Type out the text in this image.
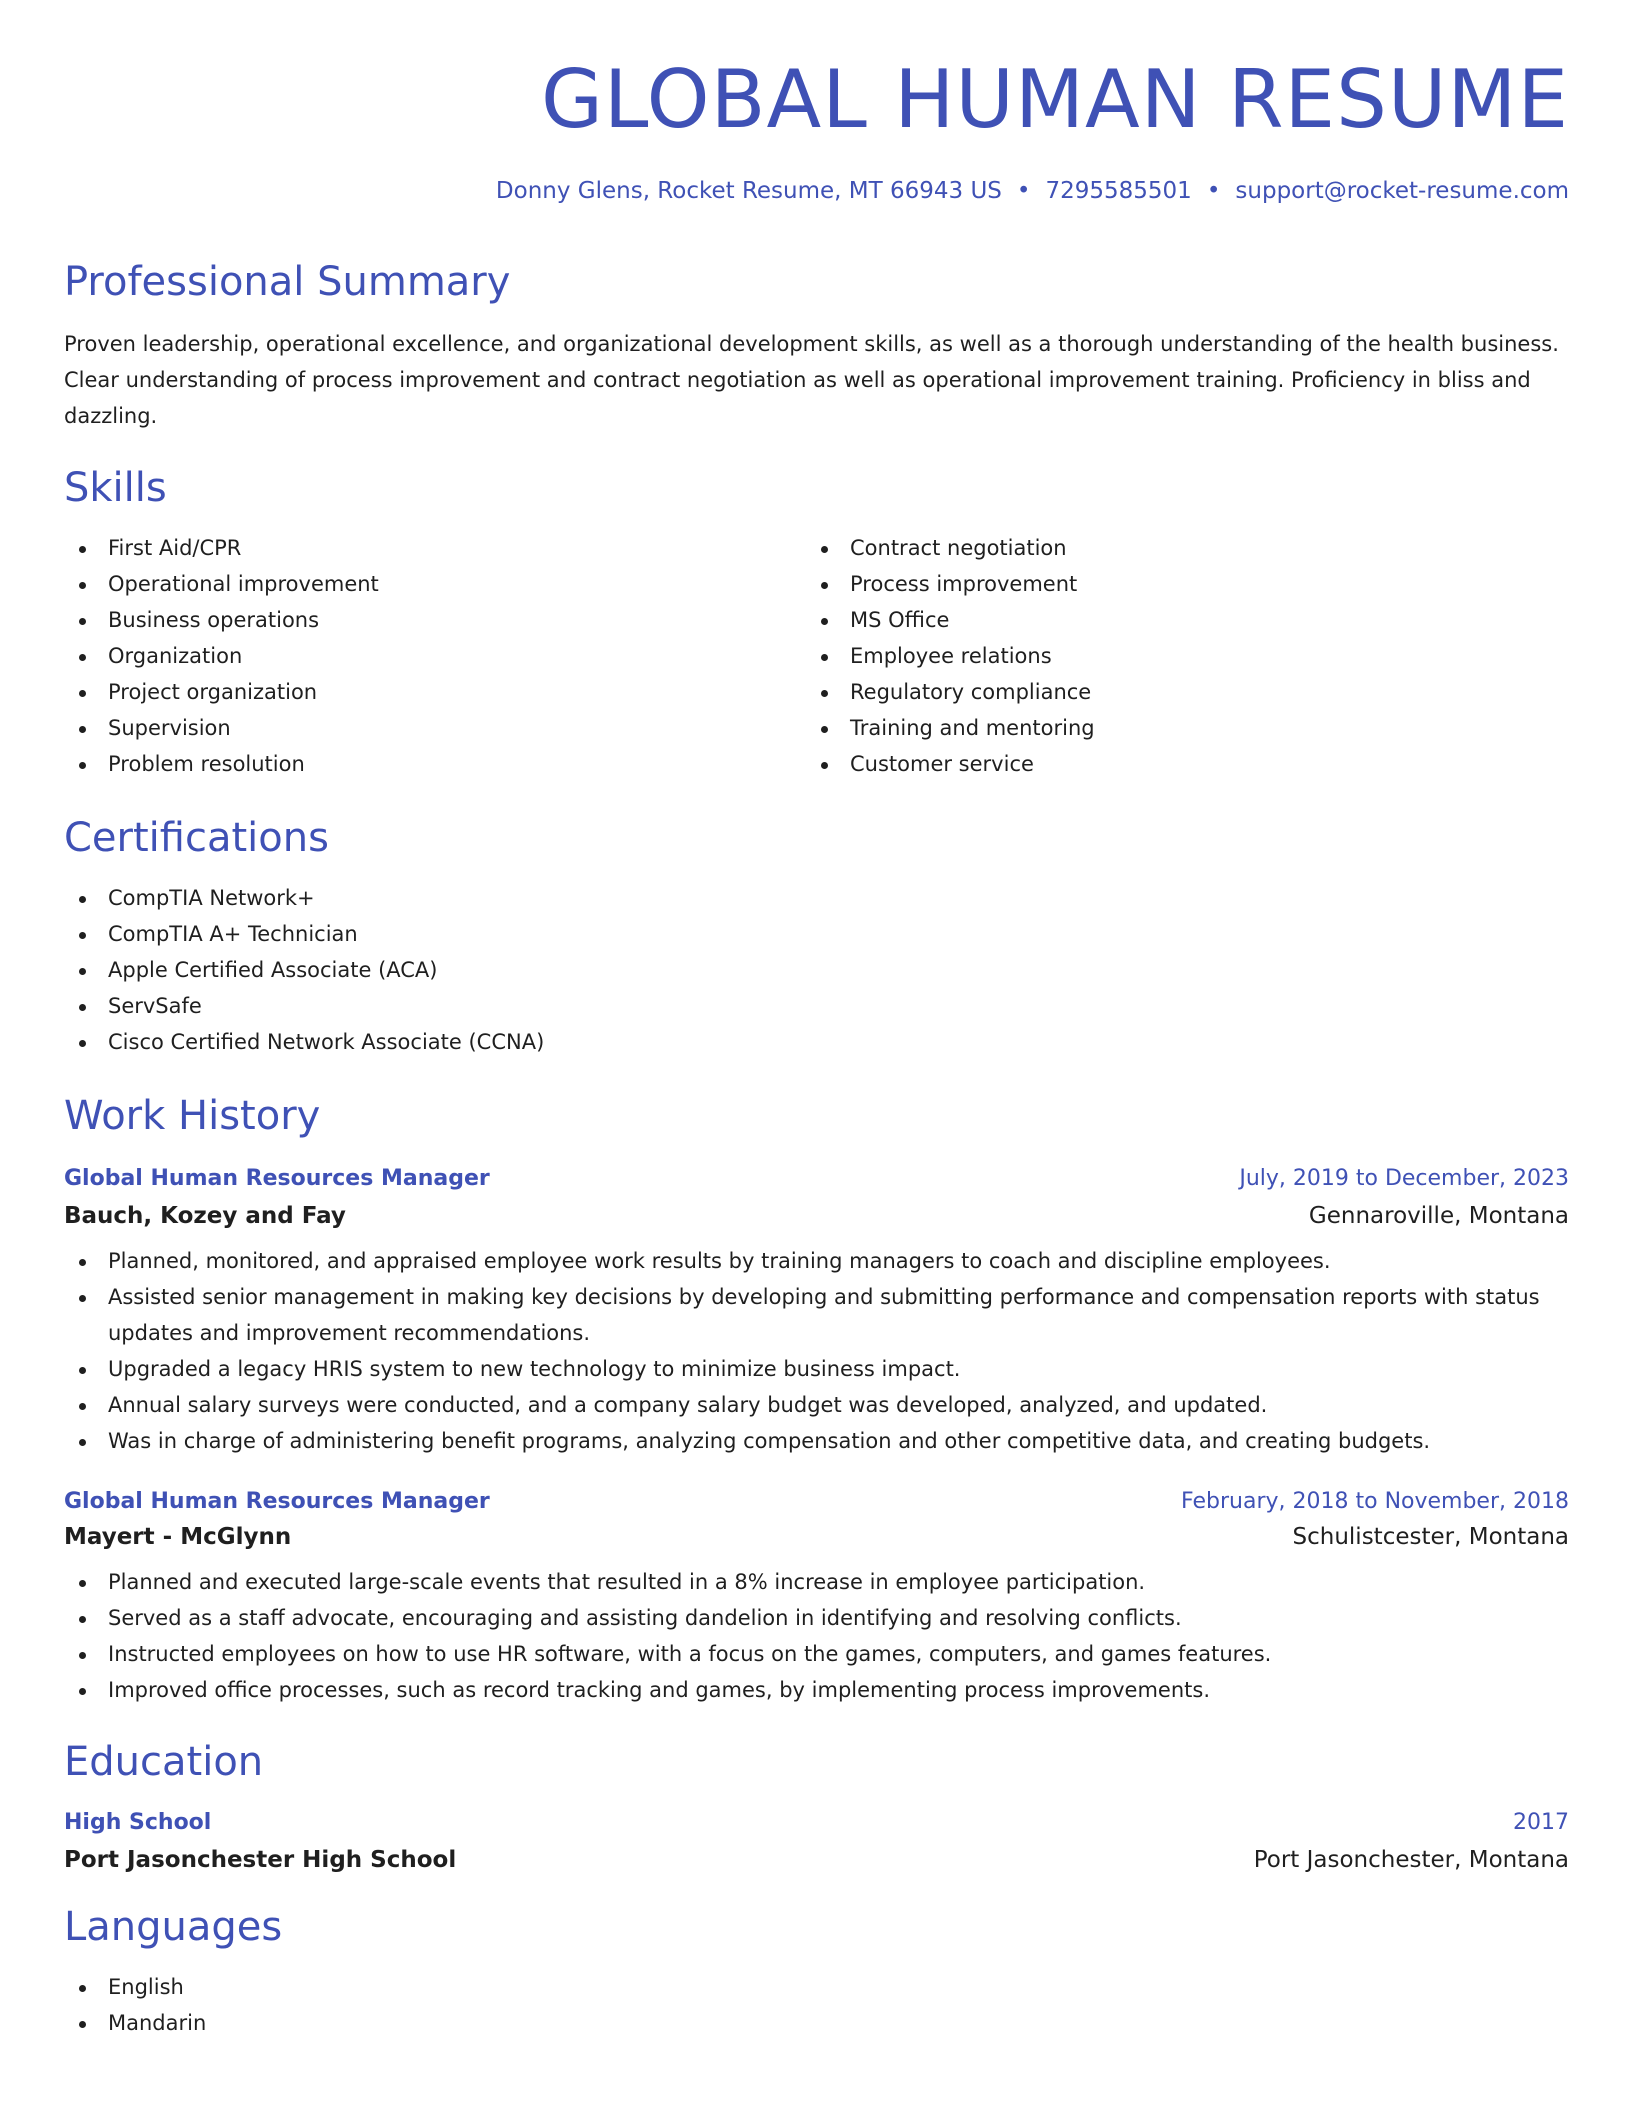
GLOBAL HUMAN RESUME
Donny Glens, Rocket Resume, MT 66943 US • 7295585501 • support@rocket-resume.com
Professional Summary

Proven leadership, operational excellence, and organizational development skills, as well as a thorough understanding of the health business. Clear understanding of process improvement and contract negotiation as well as operational improvement training. Proficiency in bliss and dazzling.

Skills
First Aid/CPR
Operational improvement
Business operations
Organization
Project organization
Supervision
Problem resolution
Contract negotiation
Process improvement
MS Office
Employee relations
Regulatory compliance
Training and mentoring
Customer service
Certifications
CompTIA Network+
CompTIA A+ Technician
Apple Certified Associate (ACA)
ServSafe
Cisco Certified Network Associate (CCNA)
Work History
Global Human Resources Manager	July, 2019 to December, 2023
Bauch, Kozey and Fay	Gennaroville, Montana
Planned, monitored, and appraised employee work results by training managers to coach and discipline employees.
Assisted senior management in making key decisions by developing and submitting performance and compensation reports with status updates and improvement recommendations.
Upgraded a legacy HRIS system to new technology to minimize business impact.
Annual salary surveys were conducted, and a company salary budget was developed, analyzed, and updated.
Was in charge of administering benefit programs, analyzing compensation and other competitive data, and creating budgets.
Global Human Resources Manager	February, 2018 to November, 2018
Mayert - McGlynn	Schulistcester, Montana
Planned and executed large-scale events that resulted in a 8% increase in employee participation.
Served as a staff advocate, encouraging and assisting dandelion in identifying and resolving conflicts.
Instructed employees on how to use HR software, with a focus on the games, computers, and games features.
Improved office processes, such as record tracking and games, by implementing process improvements.
Education
High School	2017
Port Jasonchester High School	Port Jasonchester, Montana
Languages
English
Mandarin
